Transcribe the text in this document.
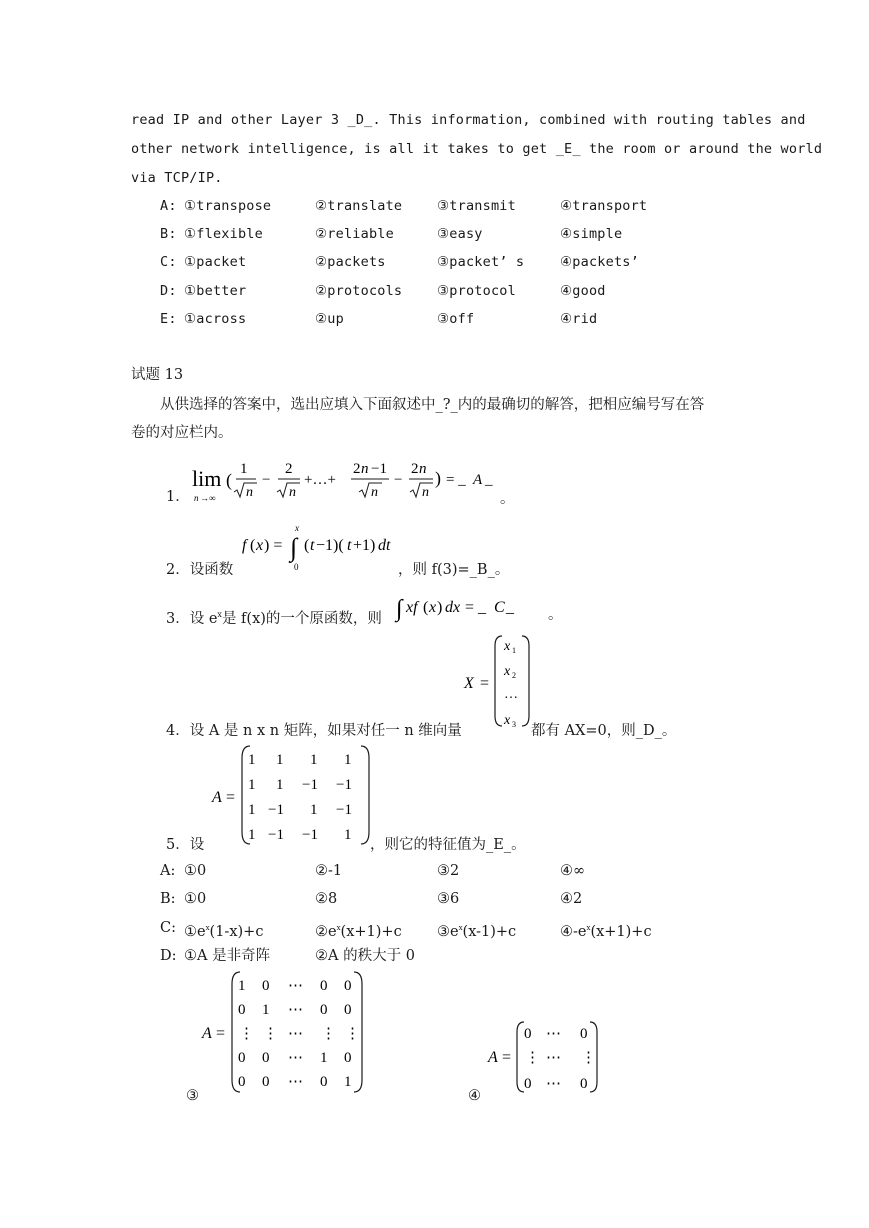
read IP and other Layer 3 _D_. This information, combined with routing tables and
other network intelligence, is all it takes to get _E_ the room or around the world
via TCP/IP.
A: ①transpose	②translate	③transmit	④transport
B: ①flexible	②reliable	③easy	④simple
C: ①packet	②packets	③packet’ s	④packets’
D: ①better	②protocols	③protocol	④good
E: ①across	②up	③off	④rid
试题 13
从供选择的答案中，选出应填入下面叙述中_?_内的最确切的解答，把相应编号写在答
卷的对应栏内。
1．
lim
n →∞
(
1
n
−
2
n
+…+
2 n −1
n
−
2 n
n
) = _ A _
。
f ( x ) = ∫
x
0
( t −1)( t +1) dt
2．设函数	，则 f(3)=_B_。
3．设 $e^x$是 f(x)的一个原函数，则 ∫ xf ( x ) dx = _ C _ 。
X =
x 1
x 2
…
x 3
4．设 A 是 n x n 矩阵，如果对任一 n 维向量	都有 AX=0，则_D_。
A =
1 1 1 1
1 1 −1 −1
1 −1 1 −1
1 −1 −1 1
5．设	，则它的特征值为_E_。
A: ①0	②-1	③2	④∞
B: ①0	②8	③6	④2
C: $①e^x(1-x)+c$	$②e^x(x+1)+c$ $③e^x(x-1)+c$	$④-e^x(x+1)+c$
D: ①A 是非奇阵	②A 的秩大于 0
A =
1 0 ⋯ 0 0
0 1 ⋯ 0 0
⋮ ⋮ ⋯ ⋮ ⋮
0 0 ⋯ 1 0
0 0 ⋯ 0 1
③
A =
0 ⋯ 0
⋮ ⋯ ⋮
0 ⋯ 0
④
